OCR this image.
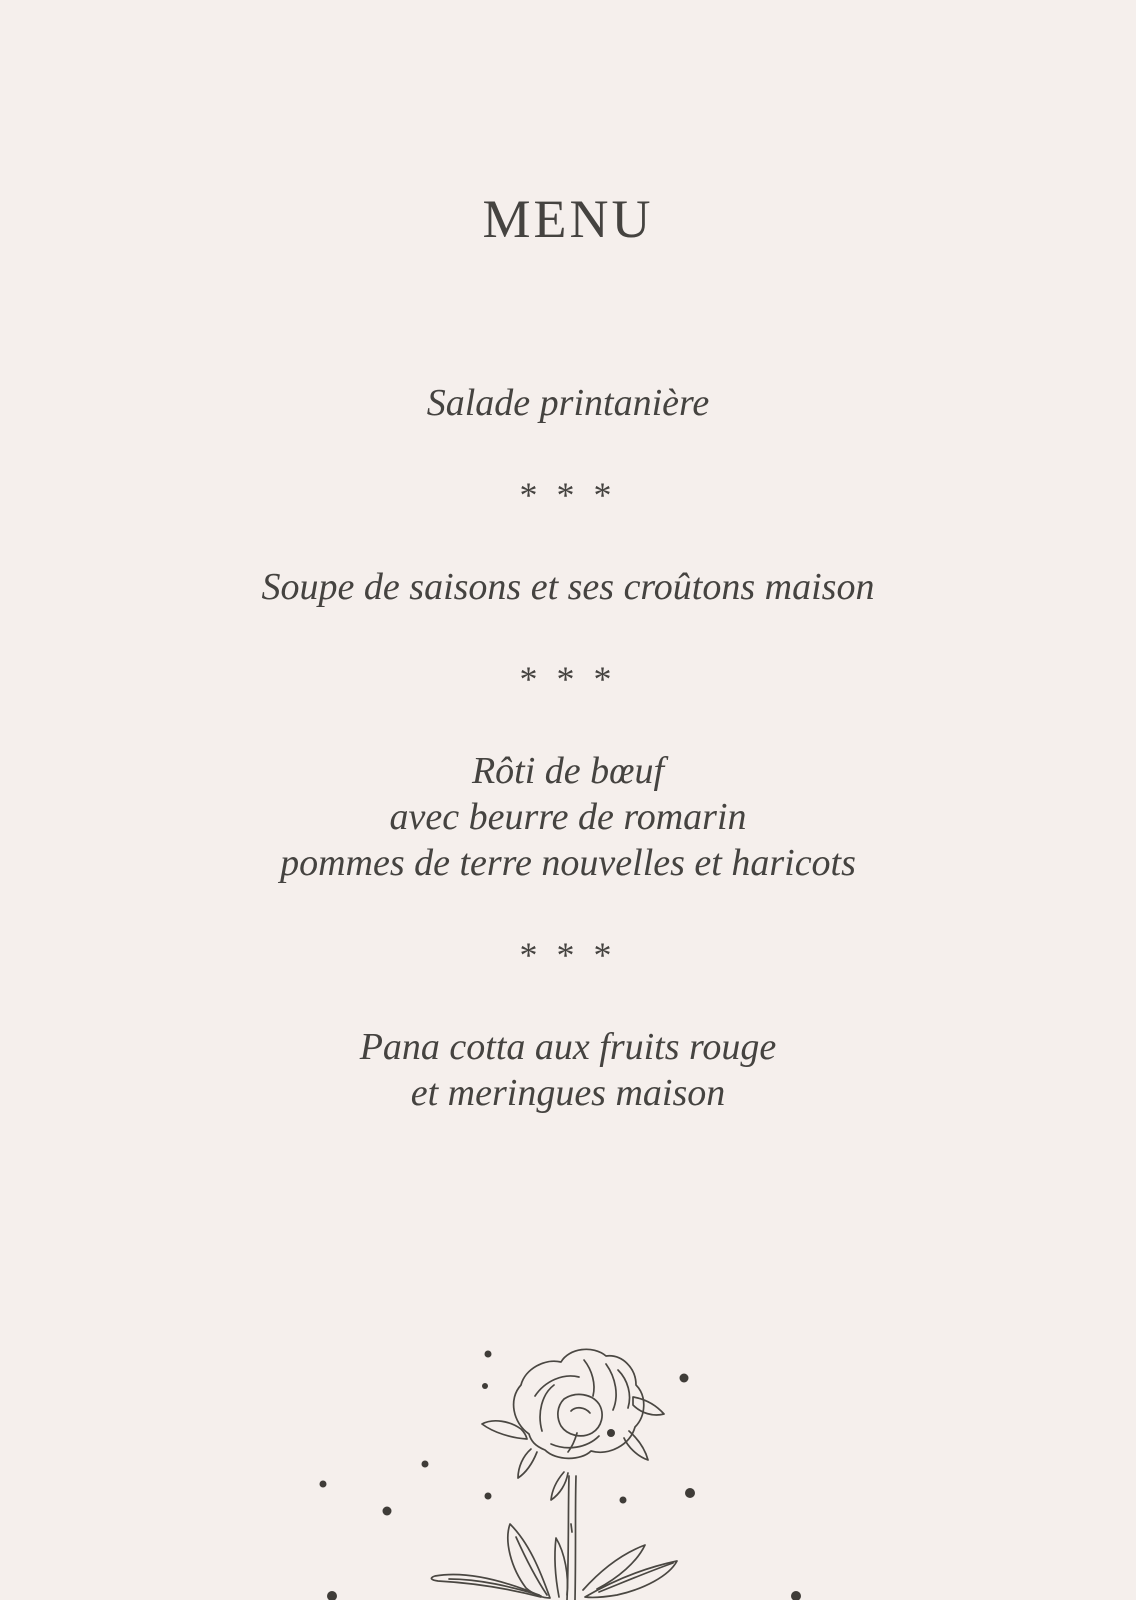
MENU
Salade printanière
* * *
Soupe de saisons et ses croûtons maison
* * *
Rôti de bœuf
avec beurre de romarin
pommes de terre nouvelles et haricots
* * *
Pana cotta aux fruits rouge
et meringues maison
